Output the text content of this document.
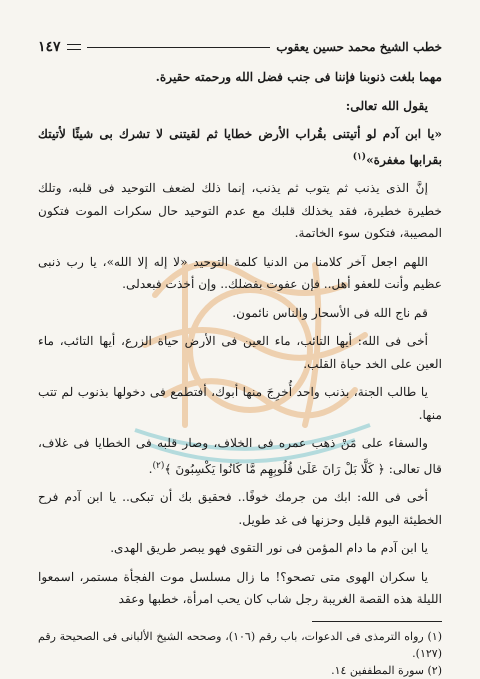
خطب الشيخ محمد حسين يعقوب
١٤٧

مهما بلغت ذنوبنا فإننا فى جنب فضل الله ورحمته حقيرة.

يقول الله تعالى:

«يا ابن آدم لو أتيتنى بقُراب الأرض خطايا ثم لقيتنى لا تشرك بى شيئًا لأتيتك بقرابها مغفرة»$^{(١)}$

إنَّ الذى يذنب ثم يتوب ثم يذنب، إنما ذلك لضعف التوحيد فى قلبه، وتلك خطيرة خطيرة، فقد يخذلك قلبك مع عدم التوحيد حال سكرات الموت فتكون المصيبة، فتكون سوء الخاتمة.

اللهم اجعل آخر كلامنا من الدنيا كلمة التوحيد «لا إله إلا الله»، يا رب ذنبى عظيم وأنت للعفو أهل.. فإن عفوت بفضلك.. وإن أخذت فبعدلى.

قم ناج الله فى الأسحار والناس نائمون.

أخى فى الله: أيها التائب، ماء العين فى الأرض حياة الزرع، أيها التائب، ماء العين على الخد حياة القلب.

يا طالب الجنة، بذنب واحد أُخرِجَ منها أبوك، أفتطمع فى دخولها بذنوب لم تتب منها.

والسفاء على مَنْ ذهب عمره فى الخلاف، وصار قلبه فى الخطايا فى غلاف، قال تعالى: ﴿ كَلَّا بَلْ رَانَ عَلَىٰ قُلُوبِهِم مَّا كَانُوا يَكْسِبُونَ ﴾$^{(٢)}$.

أخى فى الله: ابك من جرمك خوفًا.. فحقيق بك أن تبكى.. يا ابن آدم فرح الخطيئة اليوم قليل وحزنها فى غد طويل.

يا ابن آدم ما دام المؤمن فى نور التقوى فهو يبصر طريق الهدى.

يا سكران الهوى متى تصحو؟! ما زال مسلسل موت الفجأة مستمر، اسمعوا الليلة هذه القصة الغريبة رجل شاب كان يحب امرأة، خطبها وعقد

(١) رواه الترمذى فى الدعوات، باب رقم (١٠٦)، وصححه الشيخ الألبانى فى الصحيحة رقم (١٢٧).

(٢) سورة المطففين ١٤.
